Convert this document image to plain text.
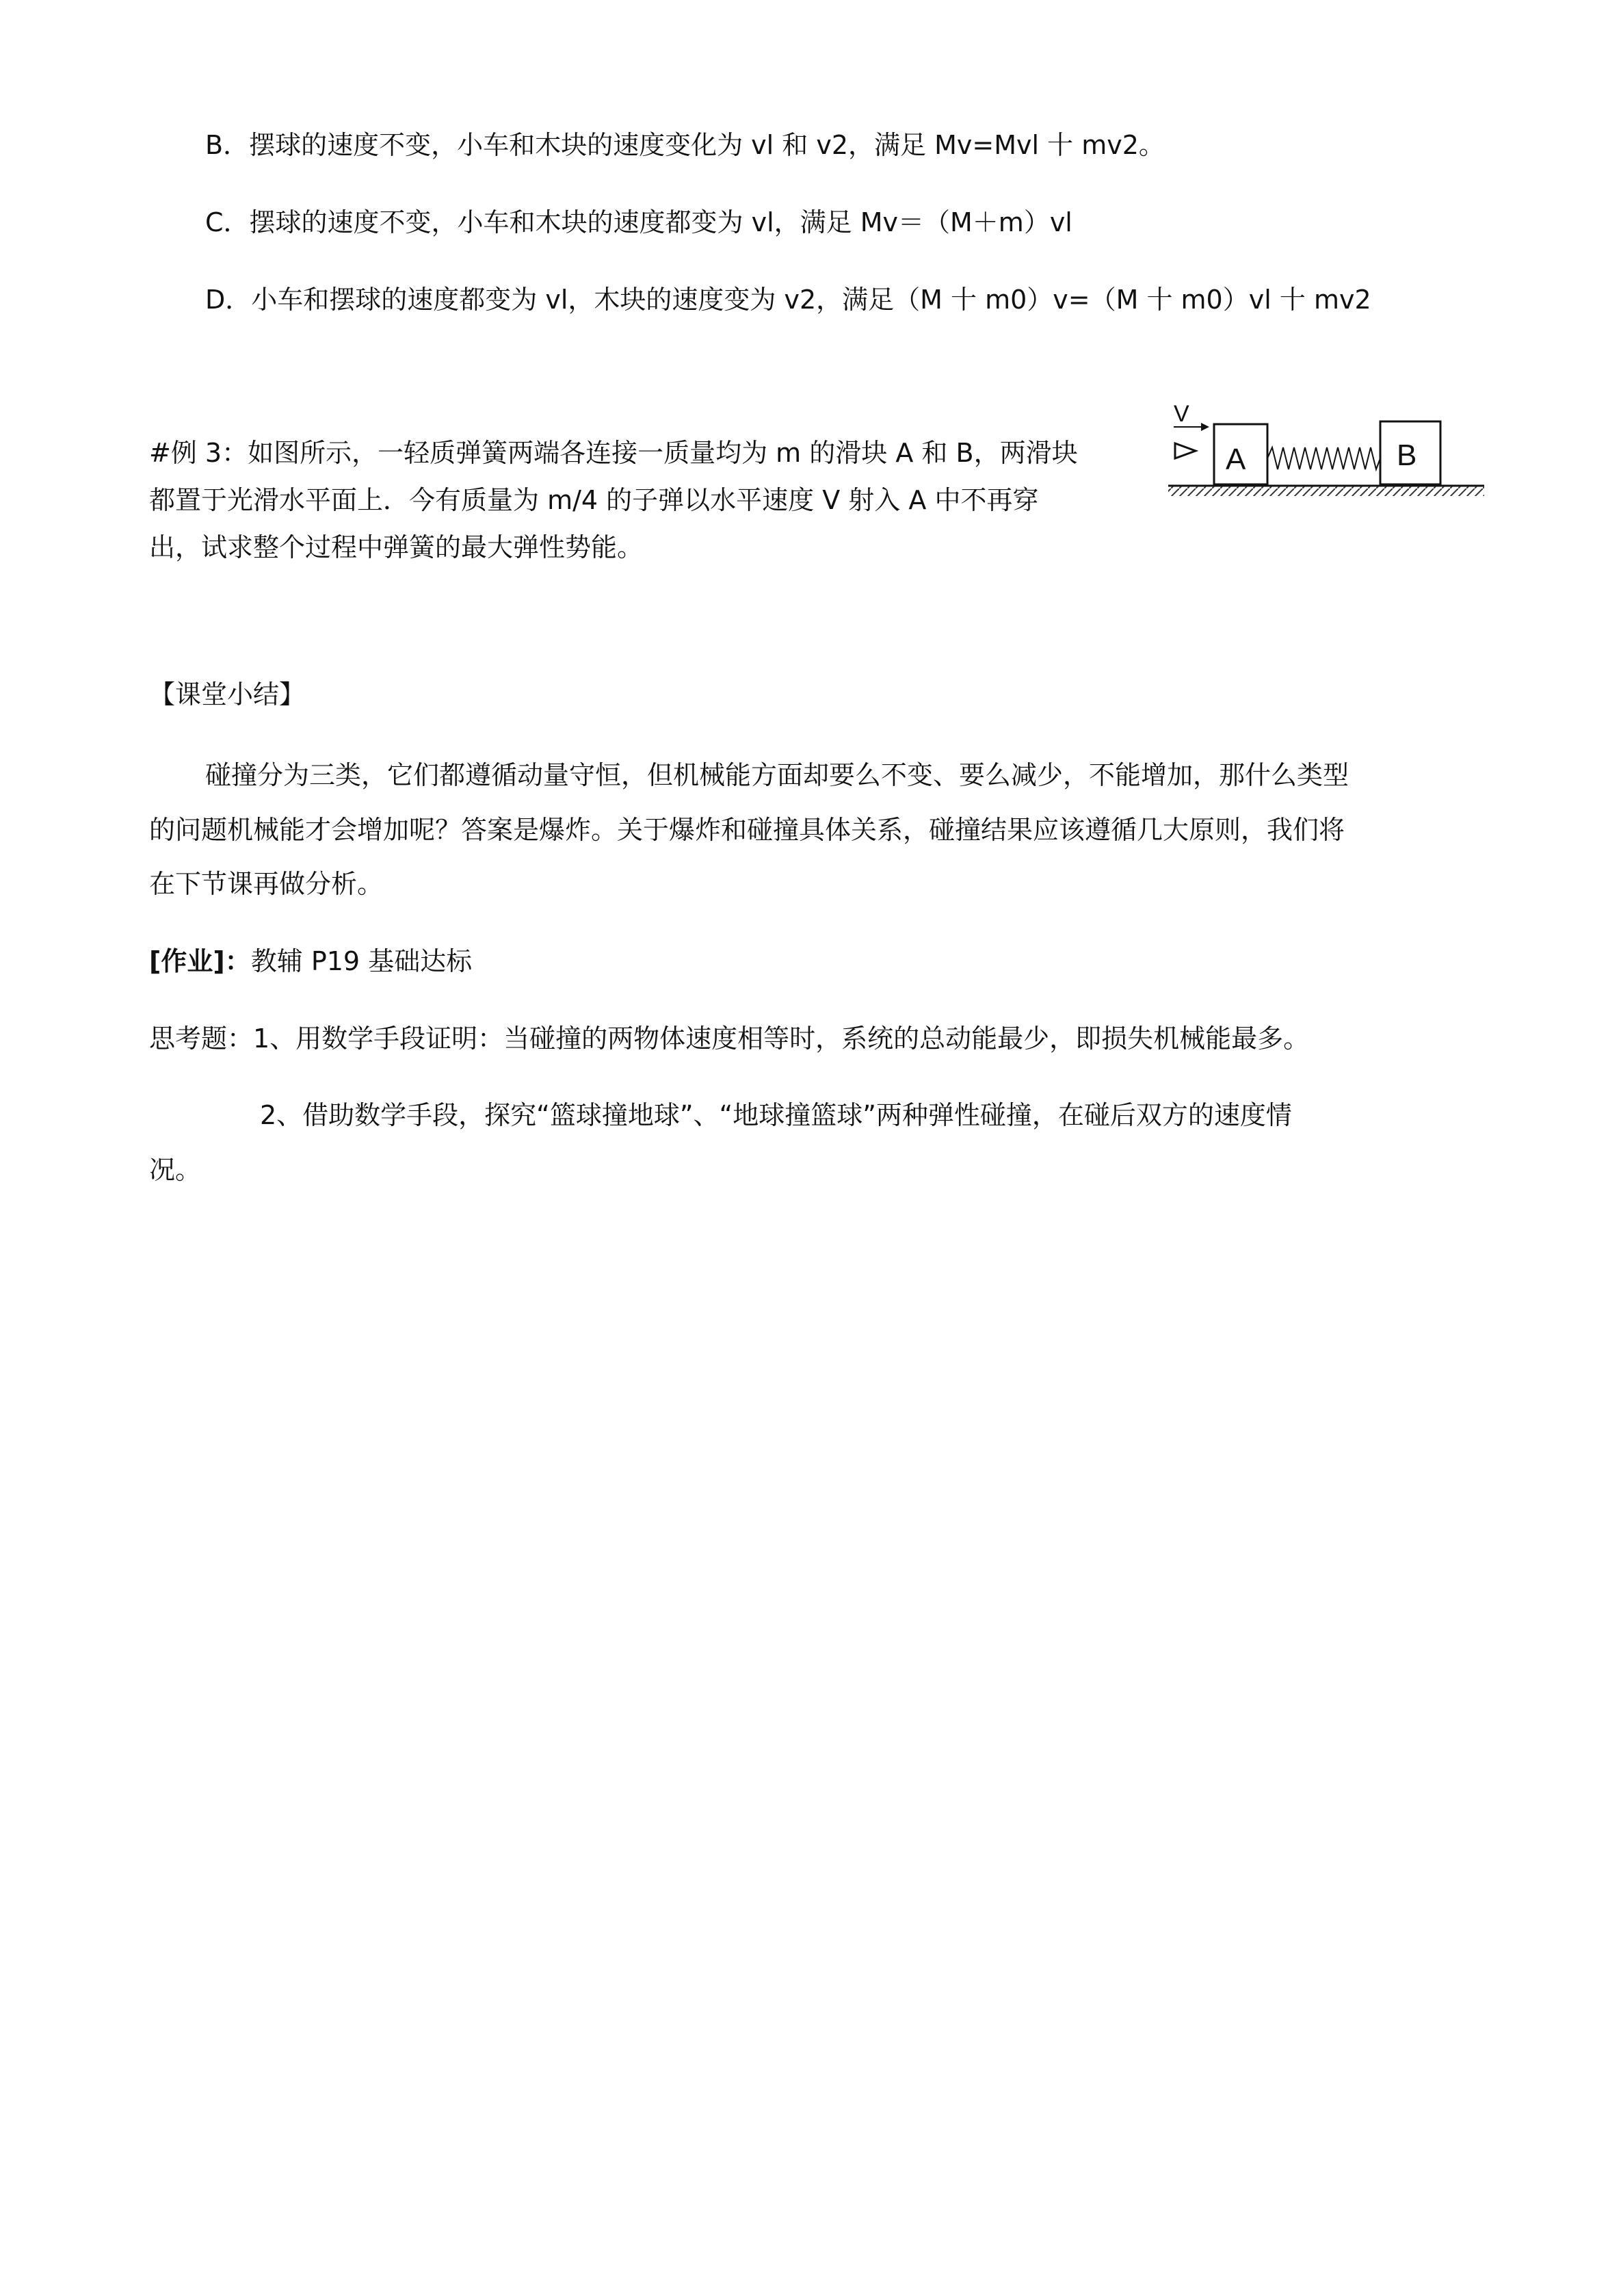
B．摆球的速度不变，小车和木块的速度变化为 vl 和 v2，满足 Mv=Mvl 十 mv2。
C．摆球的速度不变，小车和木块的速度都变为 vl，满足 Mv＝（M＋m）vl
D．小车和摆球的速度都变为 vl，木块的速度变为 v2，满足（M 十 m0）v=（M 十 m0）vl 十 mv2
#例 3：如图所示，一轻质弹簧两端各连接一质量均为 m 的滑块 A 和 B，两滑块
都置于光滑水平面上．今有质量为 m/4 的子弹以水平速度 V 射入 A 中不再穿
出，试求整个过程中弹簧的最大弹性势能。
V
A	B
【课堂小结】
碰撞分为三类，它们都遵循动量守恒，但机械能方面却要么不变、要么减少，不能增加，那什么类型
的问题机械能才会增加呢？答案是爆炸。关于爆炸和碰撞具体关系，碰撞结果应该遵循几大原则，我们将
在下节课再做分析。
[作业]：教辅 P19 基础达标
思考题：1、用数学手段证明：当碰撞的两物体速度相等时，系统的总动能最少，即损失机械能最多。
2、借助数学手段，探究“篮球撞地球”、“地球撞篮球”两种弹性碰撞，在碰后双方的速度情
况。
